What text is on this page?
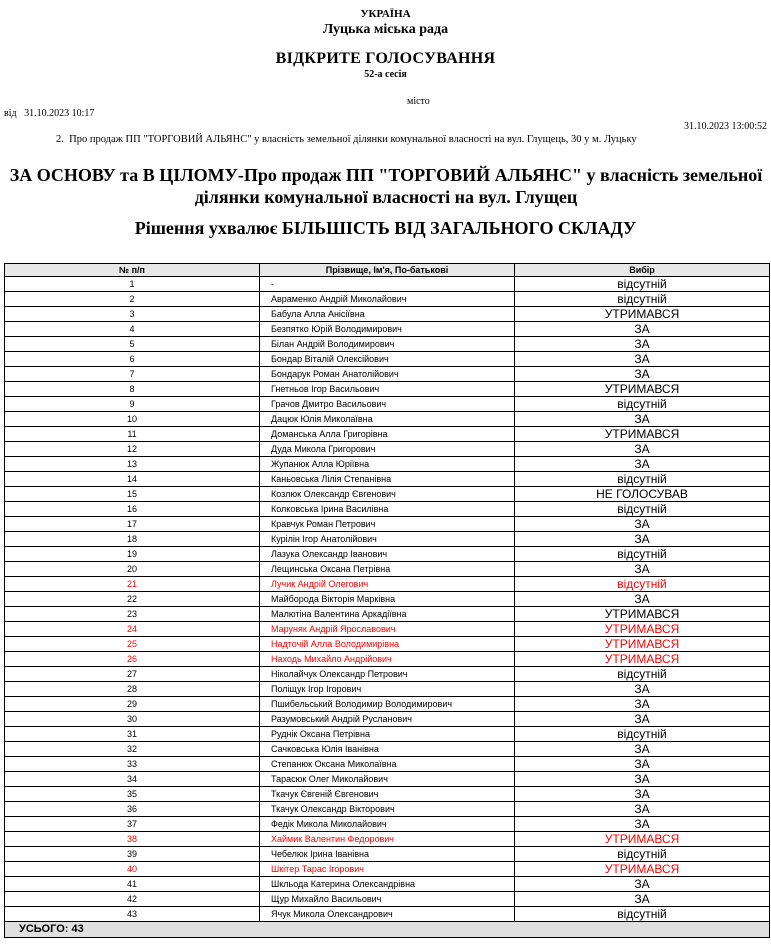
УКРАЇНА
Луцька міська рада
ВІДКРИТЕ ГОЛОСУВАННЯ
52-а сесія
місто
від   31.10.2023 10:17
31.10.2023 13:00:52
2.  Про продаж ПП "ТОРГОВИЙ АЛЬЯНС" у власність земельної ділянки комунальної власності на вул. Глущець, 30 у м. Луцьку
ЗА ОСНОВУ та В ЦІЛОМУ-Про продаж ПП "ТОРГОВИЙ АЛЬЯНС" у власність земельної ділянки комунальної власності на вул. Глущец
Рішення ухвалює БІЛЬШІСТЬ ВІД ЗАГАЛЬНОГО СКЛАДУ
№ п/п	Прізвище, Ім'я, По-батькові	Вибір
1	-	відсутній
2	Авраменко Андрій Миколайович	відсутній
3	Бабула Алла Анісіївна	УТРИМАВСЯ
4	Безпятко Юрій Володимирович	ЗА
5	Білан Андрій Володимирович	ЗА
6	Бондар Віталій Олексійович	ЗА
7	Бондарук Роман Анатолійович	ЗА
8	Гнетньов Ігор Васильович	УТРИМАВСЯ
9	Грачов Дмитро Васильович	відсутній
10	Дацюк Юлія Миколаївна	ЗА
11	Доманська Алла Григорівна	УТРИМАВСЯ
12	Дуда Микола Григорович	ЗА
13	Жупанюк Алла Юріївна	ЗА
14	Каньовська Лілія Степанівна	відсутній
15	Козлюк Олександр Євгенович	НЕ ГОЛОСУВАВ
16	Колковська Ірина Василівна	відсутній
17	Кравчук Роман Петрович	ЗА
18	Курілін Ігор Анатолійович	ЗА
19	Лазука Олександр Іванович	відсутній
20	Лещинська Оксана Петрівна	ЗА
21	Лучик Андрій Олегович	відсутній
22	Майборода Вікторія Марківна	ЗА
23	Малютіна Валентина Аркадіївна	УТРИМАВСЯ
24	Маруняк Андрій Ярославович	УТРИМАВСЯ
25	Надточій Алла Володимирівна	УТРИМАВСЯ
26	Находь Михайло Андрійович	УТРИМАВСЯ
27	Ніколайчук Олександр Петрович	відсутній
28	Поліщук Ігор Ігорович	ЗА
29	Пшибельський Володимир Володимирович	ЗА
30	Разумовський Андрій Русланович	ЗА
31	Руднік Оксана Петрівна	відсутній
32	Сачковська Юлія Іванівна	ЗА
33	Степанюк Оксана Миколаївна	ЗА
34	Тарасюк Олег Миколайович	ЗА
35	Ткачук Євгеній Євгенович	ЗА
36	Ткачук Олександр Вікторович	ЗА
37	Федік Микола Миколайович	ЗА
38	Хаймик Валентин Федорович	УТРИМАВСЯ
39	Чебелюк Ірина Іванівна	відсутній
40	Шкітер Тарас Ігорович	УТРИМАВСЯ
41	Шкльода Катерина Олександрівна	ЗА
42	Щур Михайло Васильович	ЗА
43	Ячук Микола Олександрович	відсутній
УСЬОГО: 43		
